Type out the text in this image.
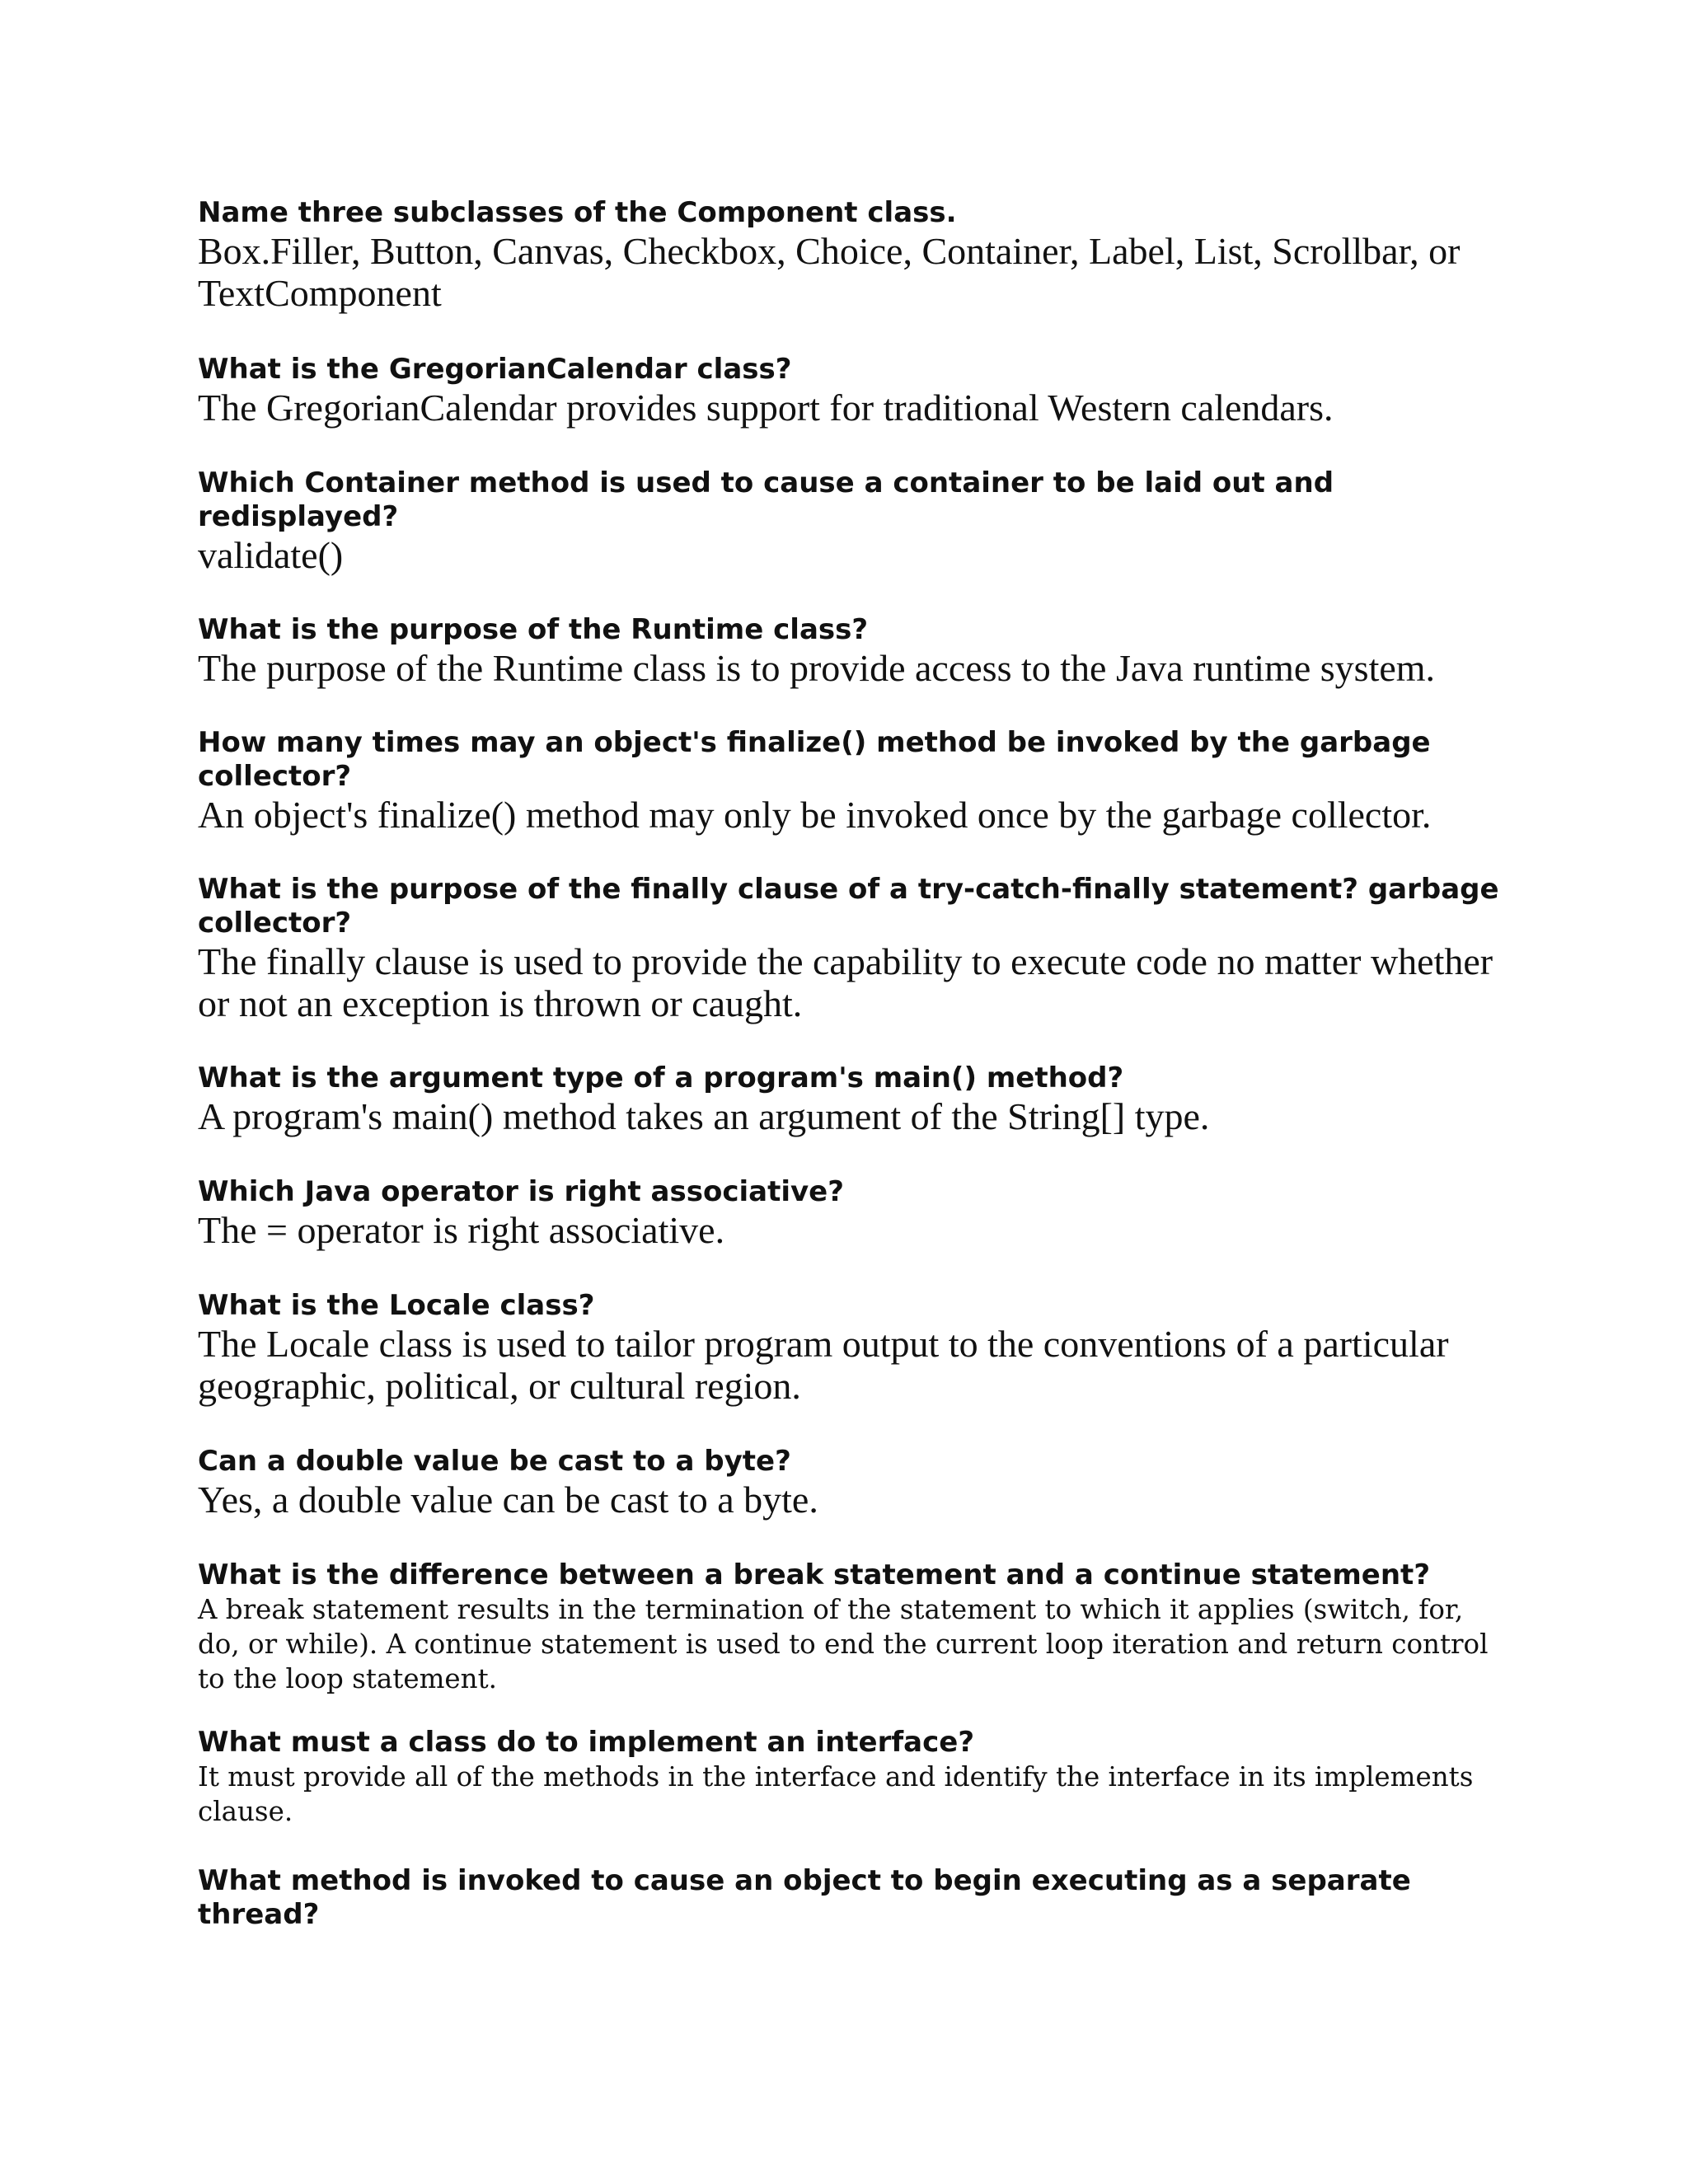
Name three subclasses of the Component class.

Box.Filler, Button, Canvas, Checkbox, Choice, Container, Label, List, Scrollbar, or TextComponent

What is the GregorianCalendar class?

The GregorianCalendar provides support for traditional Western calendars.

Which Container method is used to cause a container to be laid out and redisplayed?

validate()

What is the purpose of the Runtime class?

The purpose of the Runtime class is to provide access to the Java runtime system.

How many times may an object's finalize() method be invoked by the garbage collector?

An object's finalize() method may only be invoked once by the garbage collector.

What is the purpose of the finally clause of a try-catch-finally statement? garbage collector?

The finally clause is used to provide the capability to execute code no matter whether or not an exception is thrown or caught.

What is the argument type of a program's main() method?

A program's main() method takes an argument of the String[] type.

Which Java operator is right associative?

The = operator is right associative.

What is the Locale class?

The Locale class is used to tailor program output to the conventions of a particular geographic, political, or cultural region.

Can a double value be cast to a byte?

Yes, a double value can be cast to a byte.

What is the difference between a break statement and a continue statement?

A break statement results in the termination of the statement to which it applies (switch, for, do, or while). A continue statement is used to end the current loop iteration and return control to the loop statement.

What must a class do to implement an interface?

It must provide all of the methods in the interface and identify the interface in its implements clause.

What method is invoked to cause an object to begin executing as a separate thread?
